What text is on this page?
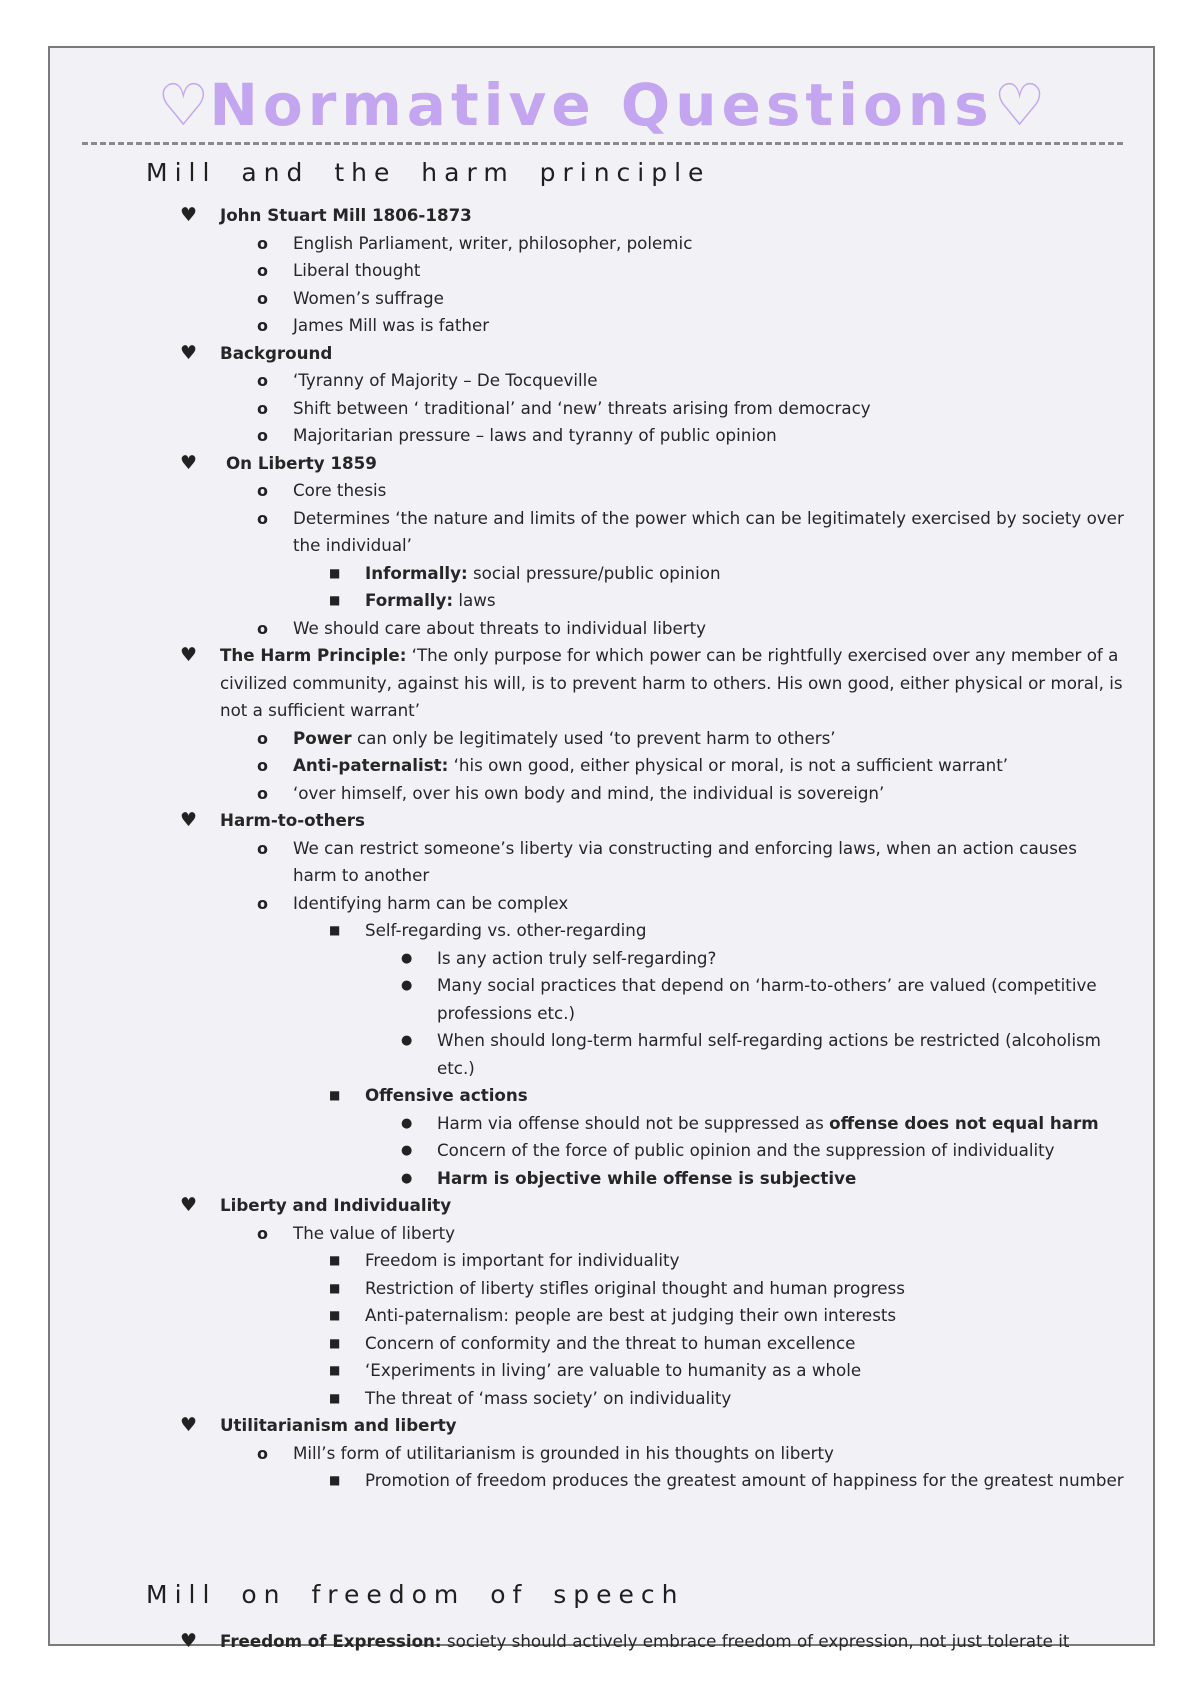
♡Normative Questions♡
Mill and the harm principle
♥ John Stuart Mill 1806-1873
o English Parliament, writer, philosopher, polemic
o Liberal thought
o Women’s suffrage
o James Mill was is father
♥ Background
o ‘Tyranny of Majority – De Tocqueville
o Shift between ‘ traditional’ and ‘new’ threats arising from democracy
o Majoritarian pressure – laws and tyranny of public opinion
♥ On Liberty 1859
o Core thesis
o Determines ‘the nature and limits of the power which can be legitimately exercised by society over the individual’
■ Informally: social pressure/public opinion
■ Formally: laws
o We should care about threats to individual liberty
♥ The Harm Principle: ‘The only purpose for which power can be rightfully exercised over any member of a civilized community, against his will, is to prevent harm to others. His own good, either physical or moral, is not a sufficient warrant’
o Power can only be legitimately used ‘to prevent harm to others’
o Anti-paternalist: ‘his own good, either physical or moral, is not a sufficient warrant’
o ‘over himself, over his own body and mind, the individual is sovereign’
♥ Harm-to-others
o We can restrict someone’s liberty via constructing and enforcing laws, when an action causes harm to another
o Identifying harm can be complex
■ Self-regarding vs. other-regarding
● Is any action truly self-regarding?
● Many social practices that depend on ‘harm-to-others’ are valued (competitive professions etc.)
● When should long-term harmful self-regarding actions be restricted (alcoholism etc.)
■ Offensive actions
● Harm via offense should not be suppressed as offense does not equal harm
● Concern of the force of public opinion and the suppression of individuality
● Harm is objective while offense is subjective
♥ Liberty and Individuality
o The value of liberty
■ Freedom is important for individuality
■ Restriction of liberty stifles original thought and human progress
■ Anti-paternalism: people are best at judging their own interests
■ Concern of conformity and the threat to human excellence
■ ‘Experiments in living’ are valuable to humanity as a whole
■ The threat of ‘mass society’ on individuality
♥ Utilitarianism and liberty
o Mill’s form of utilitarianism is grounded in his thoughts on liberty
■ Promotion of freedom produces the greatest amount of happiness for the greatest number
Mill on freedom of speech
♥ Freedom of Expression: society should actively embrace freedom of expression, not just tolerate it
